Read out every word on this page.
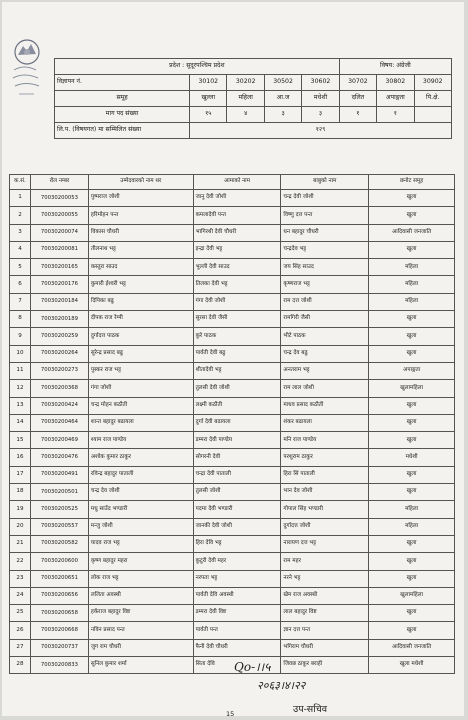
प्रदेश : सुदूरपश्चिम प्रदेश					विषय: अंग्रेजी		
विज्ञापन नं.	30102	30202	30502	30602	30702	30802	30902
समूह	खुल्ला	महिला	आ.ज	मधेशी	दलित	अपाङ्गता	पि.क्षे.
माग पद संख्या	१५	४	३	३	१	१	
लि.प. (विषयगत) मा सम्मिलित संख्या	१२९						
क.सं.	रोल नम्बर	उम्मेदवारको नाम थर	आमाको नाम	बाबुको नाम	छनोट समूह
1	70030200053	पुष्पराज जोशी	जानु देवी जोशी	चन्द्र देवी जोशी	खुला
2	70030200055	हरिमोहन पन्त	कमलादेवी पन्त	विष्णु दत्त पन्त	खुला
3	70030200074	विकास चौधरी	भागिरथी देवी चौधरी	धन बहादुर चौधरी	आदिवासी जनजाति
4	70030200081	तीलनाथ भट्ट	इन्द्रा देवी भट्ट	चन्द्रदेव भट्ट	खुला
5	70030200165	कस्तुरा साउद	भुल्ली देवी साउद	जय सिंह साउद	महिला
6	70030200176	कुमारी ईश्वरी भट्ट	तिलका देवी भट्ट	कृष्णराज भट्ट	महिला
7	70030200184	दिपिका बढु	गंगा देवी जोशी	राम दत्त जोशी	महिला
8	70030200189	दीपक राज रेग्मी	सुरसा देवी जैसी	रामगिरी जैसी	खुला
9	70030200259	दुर्गादत्त पाठक	कुरे पाठक	भीटे पाठक	खुला
10	70030200264	सुरेन्द्र प्रसाद बढु	पार्वती देवी बढु	चन्द्र देव बढु	खुला
11	70030200273	पुस्कर राज भट्ट	शीतादेवी भट्ट	अनतराम भट्ट	अपाङ्गता
12	70030200368	गंगा जोशी	तुलसी देवी जोशी	राम लाल जोशी	खुलामहिला
13	70030200424	चन्द्र मोहन कठौती	लक्ष्मी कठौती	माधव प्रसाद कठौती	खुला
14	70030200464	शान्त बहादुर बढायला	दुर्गा देवी बढायला	शंकर बढायला	खुला
15	70030200469	श्याम राज पाण्डेय	डम्मरा देवी पाण्डेय	मनि राज पाण्डेय	खुला
16	70030200476	अशोक कुमार ठाकुर	सोगरनी देवी	परशुराम ठाकुर	मधेशी
17	70030200491	रविन्द्र बहादुर पाताली	चन्द्रा देवी पाताली	हिरा सिं पाताली	खुला
18	70030200501	चन्द्र देव जोशी	तुलसी जोशी	भान देव जोशी	खुला
19	70030200525	मधु साउँद भण्डारी	पदमा देवी भण्डारी	गोपाल सिंह भण्डारी	महिला
20	70030200557	मन्जु जोशी	जानकी देवी जोशी	दुर्गादत्त जोशी	महिला
21	70030200582	यादव राज भट्ट	हिरा देवि भट्ट	नारायण दत्त भट्ट	खुला
22	70030200600	कृष्ण बहादुर महरा	कुटुरी देवी महर	राम महर	खुला
23	70030200651	लोक राज भट्ट	नरपता भट्ट	नरने भट्ट	खुला
24	70030200656	ललिता अवस्थी	पार्वती देवि अवस्थी	खेम राज अवस्थी	खुलामहिला
25	70030200658	हर्कराज बहादुर विष्ट	डम्मरा देवी विष्ट	लाल बहादुर विष्ट	खुला
26	70030200668	नविन प्रसाद पन्त	पार्वती पन्त	ज्ञान दत्त पन्त	खुला
27	70030200737	जुग राम चौधरी	फैनी देवी चौधरी	भगिराम चौधरी	आदिवासी जनजाति
28	70030200833	सुनिल कुमार शर्मा	सिता देवि	जिवछ ठाकुर बराही	खुला मधेशी
Qo-।।५
२०६३।४।२२
उप-सचिव
15
